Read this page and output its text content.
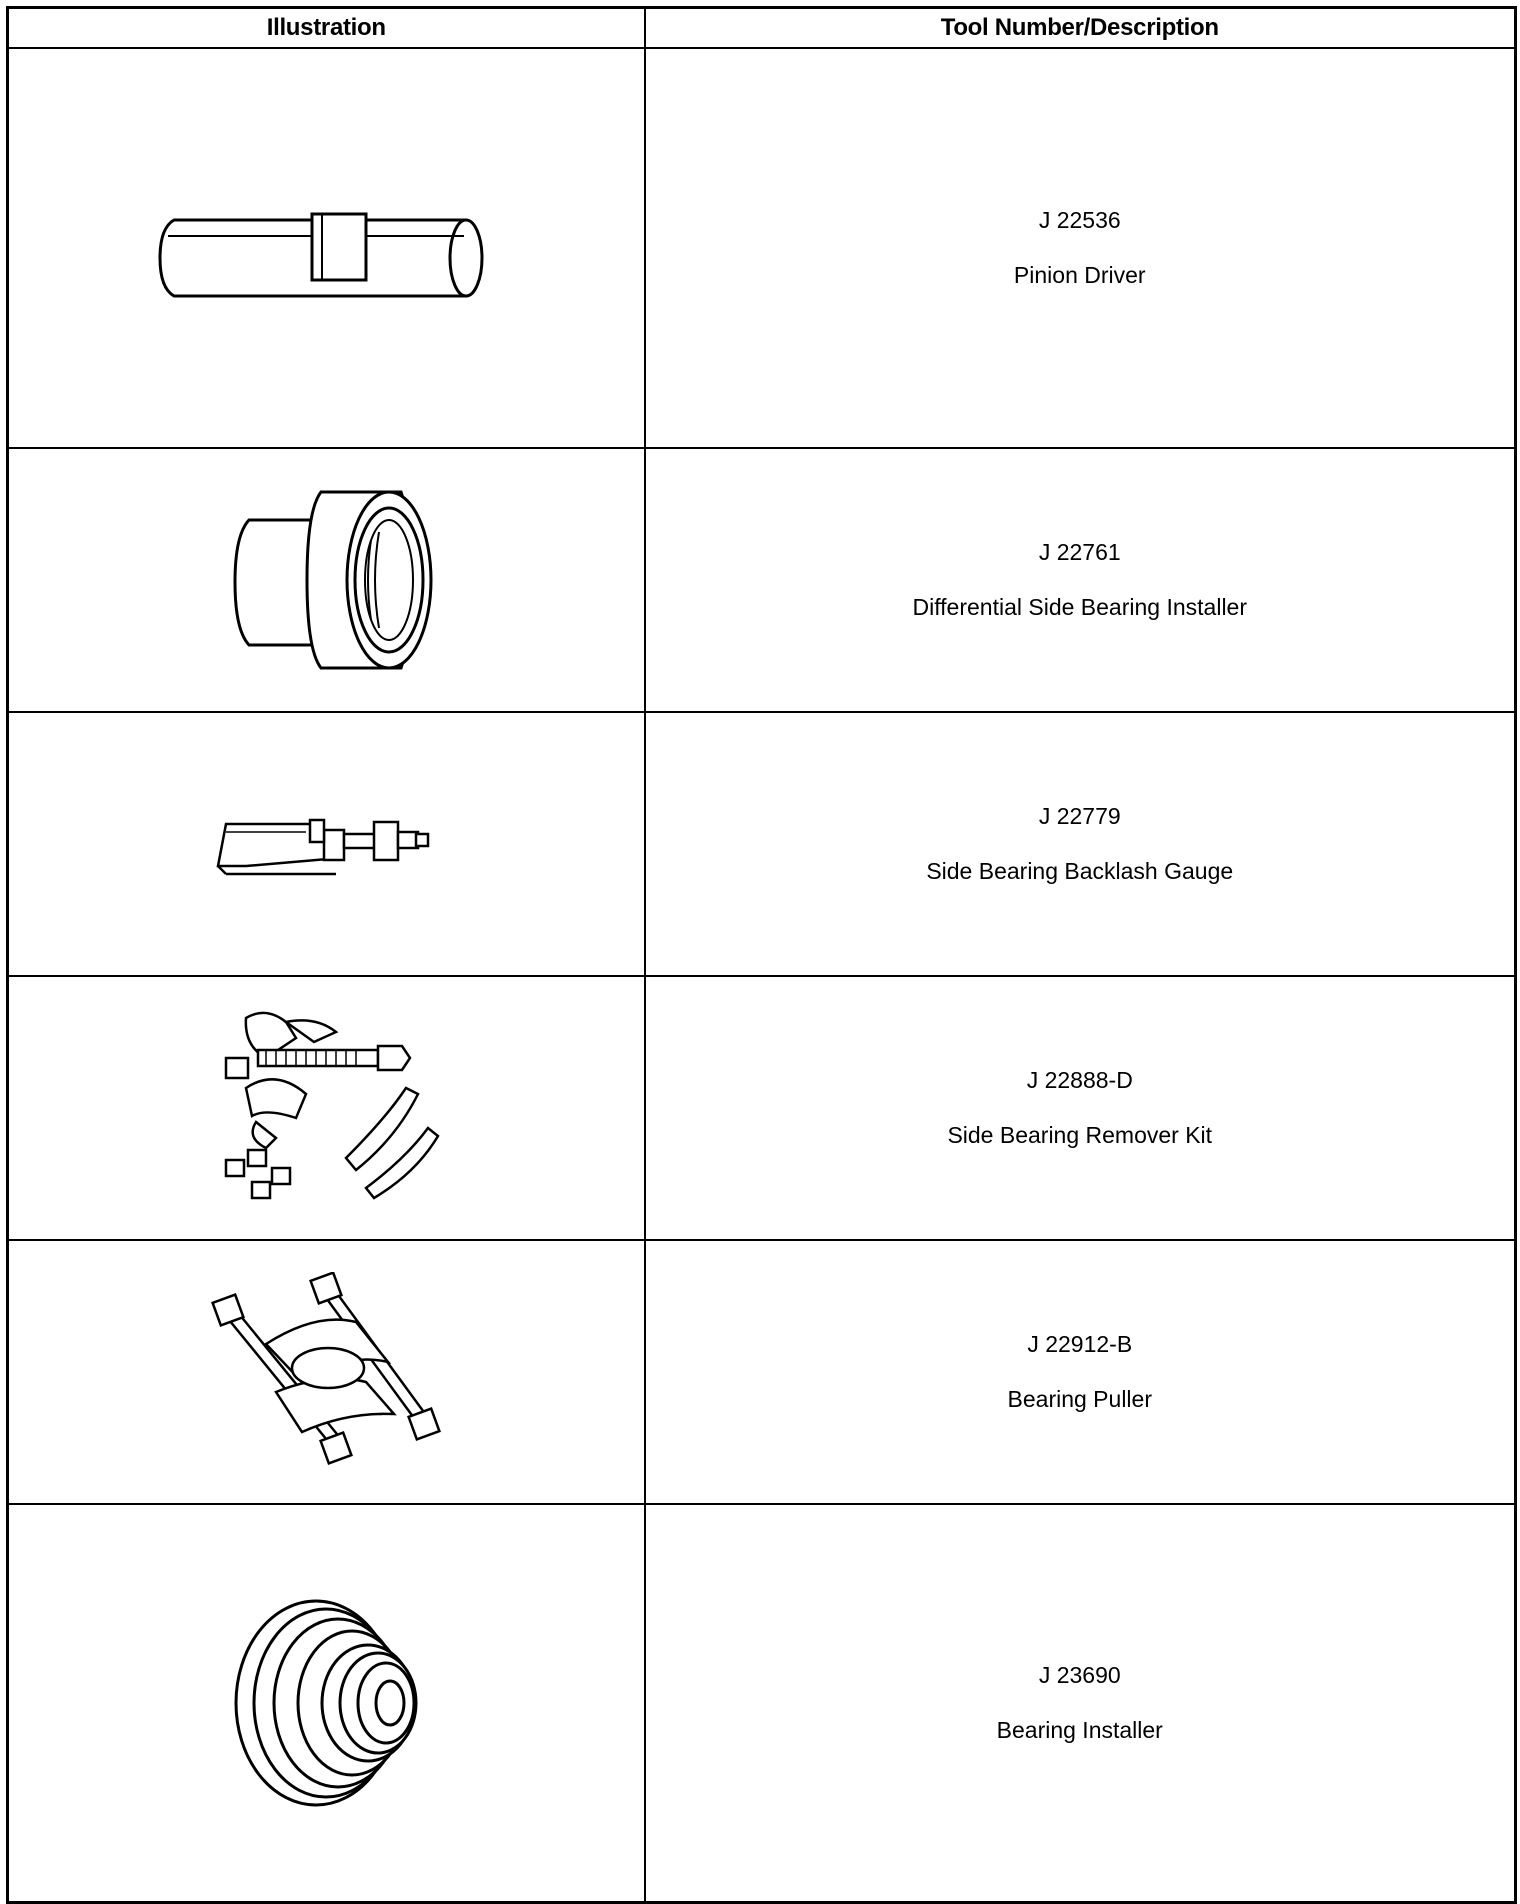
Illustration	Tool Number/Description

J 22536
Pinion Driver

J 22761
Differential Side Bearing Installer

J 22779
Side Bearing Backlash Gauge

J 22888-D
Side Bearing Remover Kit

J 22912-B
Bearing Puller

J 23690
Bearing Installer
